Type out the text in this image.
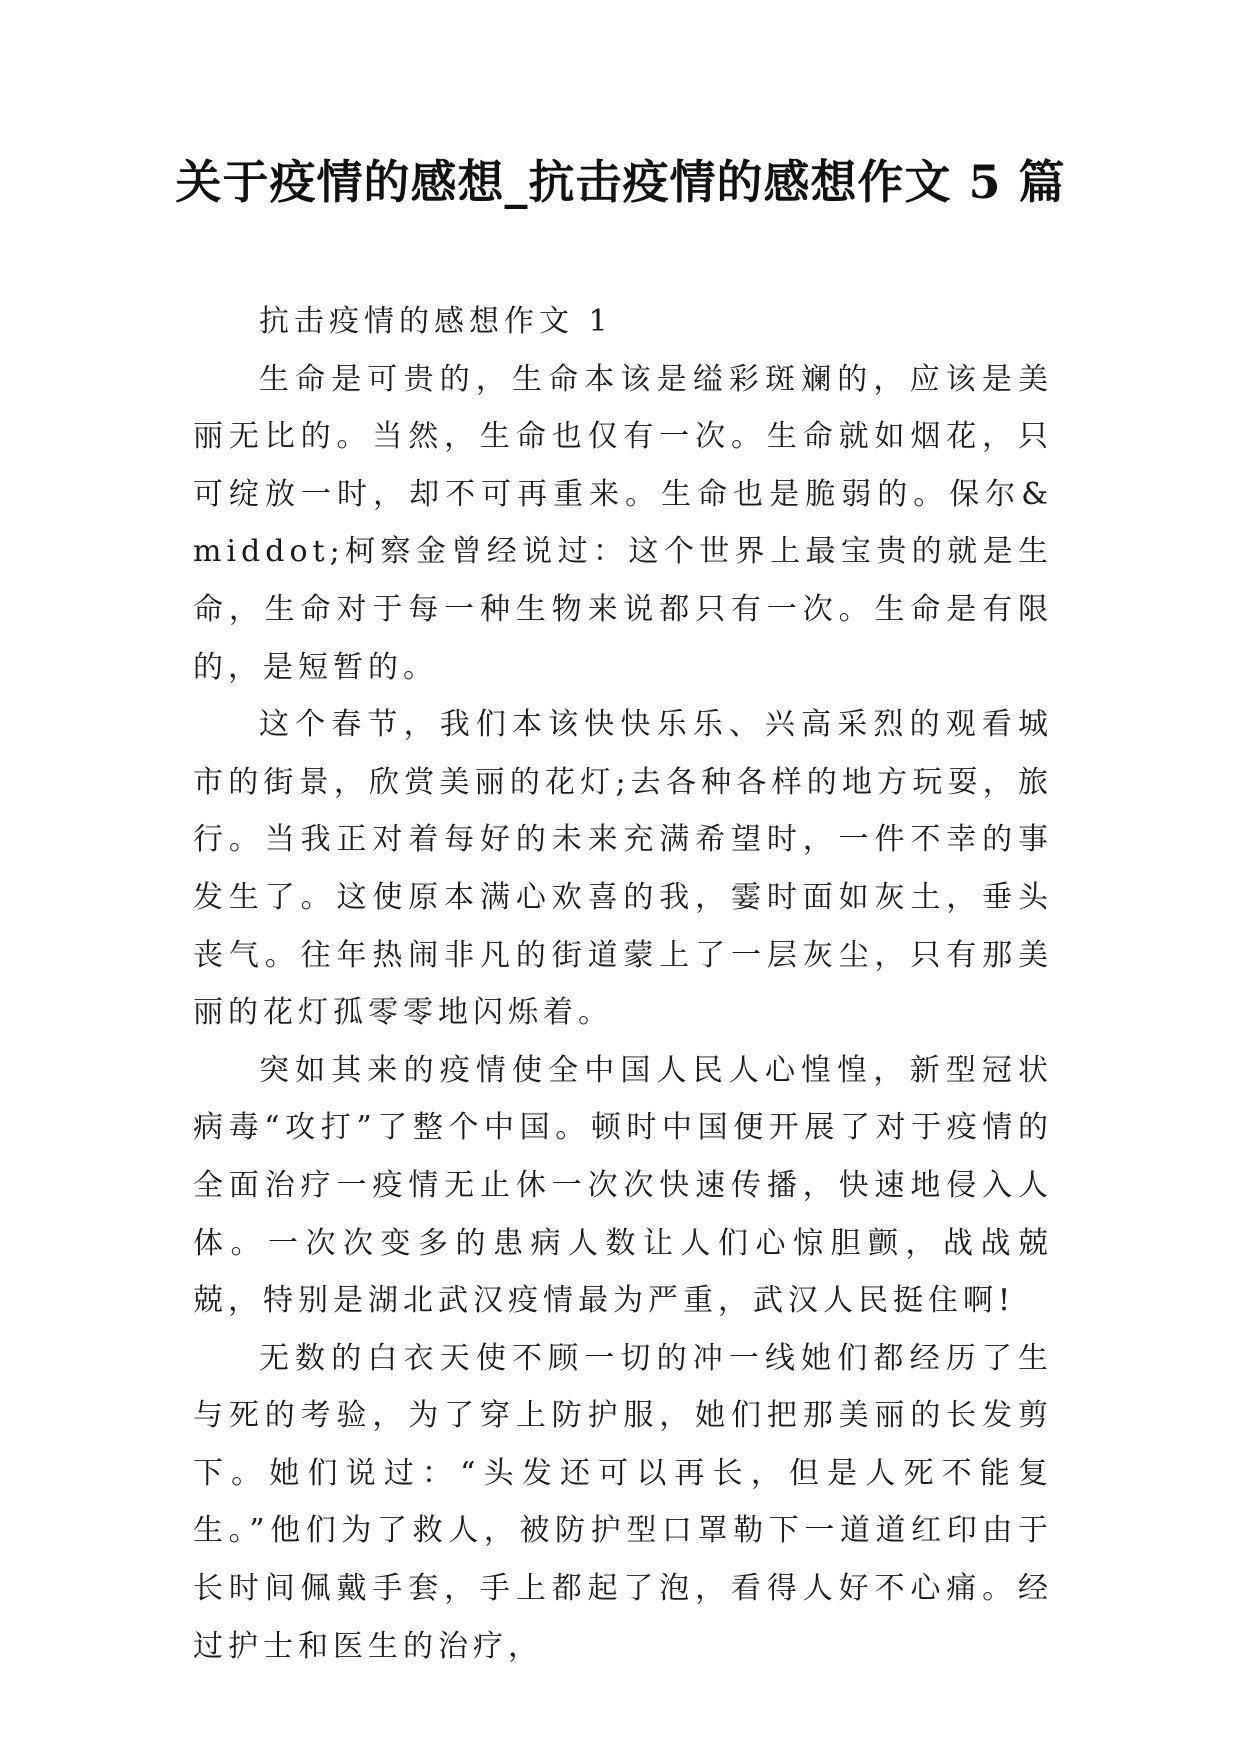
关于疫情的感想_抗击疫情的感想作文 5 篇

抗击疫情的感想作文 1

生命是可贵的，生命本该是缢彩斑斓的，应该是美丽无比的。当然，生命也仅有一次。生命就如烟花，只可绽放一时，却不可再重来。生命也是脆弱的。保尔&middot;柯察金曾经说过：这个世界上最宝贵的就是生命，生命对于每一种生物来说都只有一次。生命是有限的，是短暂的。

这个春节，我们本该快快乐乐、兴高采烈的观看城市的街景，欣赏美丽的花灯;去各种各样的地方玩耍，旅行。当我正对着每好的未来充满希望时，一件不幸的事发生了。这使原本满心欢喜的我，霎时面如灰土，垂头丧气。往年热闹非凡的街道蒙上了一层灰尘，只有那美丽的花灯孤零零地闪烁着。

突如其来的疫情使全中国人民人心惶惶，新型冠状病毒“攻打”了整个中国。顿时中国便开展了对于疫情的全面治疗一疫情无止休一次次快速传播，快速地侵入人体。一次次变多的患病人数让人们心惊胆颤，战战兢兢，特别是湖北武汉疫情最为严重，武汉人民挺住啊!

无数的白衣天使不顾一切的冲一线她们都经历了生与死的考验，为了穿上防护服，她们把那美丽的长发剪下。她们说过：“头发还可以再长，但是人死不能复生。”他们为了救人，被防护型口罩勒下一道道红印由于长时间佩戴手套，手上都起了泡，看得人好不心痛。经过护士和医生的治疗，
